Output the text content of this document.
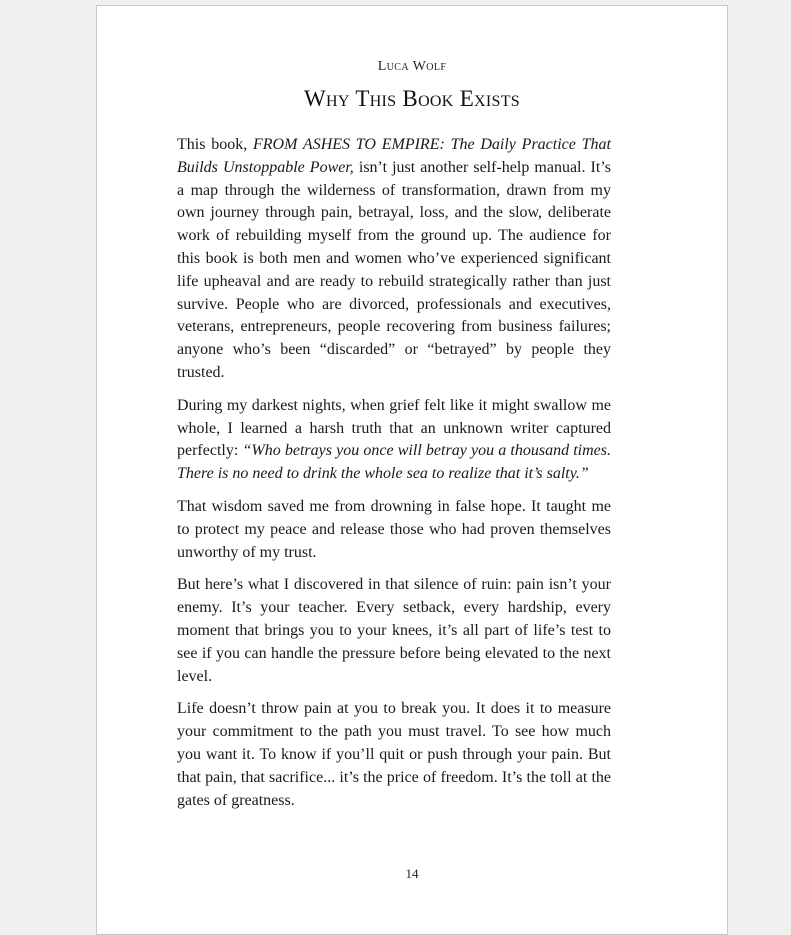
Luca Wolf
Why This Book Exists

This book, FROM ASHES TO EMPIRE: The Daily Practice That Builds Unstoppable Power, isn’t just another self-help manual. It’s a map through the wilderness of transformation, drawn from my own journey through pain, betrayal, loss, and the slow, deliberate work of rebuilding myself from the ground up. The audience for this book is both men and women who’ve experienced significant life upheaval and are ready to rebuild strategically rather than just survive. People who are divorced, professionals and executives, veterans, entrepreneurs, people recovering from business failures; anyone who’s been “discarded” or “betrayed” by people they trusted.

During my darkest nights, when grief felt like it might swallow me whole, I learned a harsh truth that an unknown writer captured perfectly: “Who betrays you once will betray you a thousand times. There is no need to drink the whole sea to realize that it’s salty.”

That wisdom saved me from drowning in false hope. It taught me to protect my peace and release those who had proven themselves unworthy of my trust.

But here’s what I discovered in that silence of ruin: pain isn’t your enemy. It’s your teacher. Every setback, every hardship, every moment that brings you to your knees, it’s all part of life’s test to see if you can handle the pressure before being elevated to the next level.

Life doesn’t throw pain at you to break you. It does it to measure your commitment to the path you must travel. To see how much you want it. To know if you’ll quit or push through your pain. But that pain, that sacrifice... it’s the price of freedom. It’s the toll at the gates of greatness.

14
